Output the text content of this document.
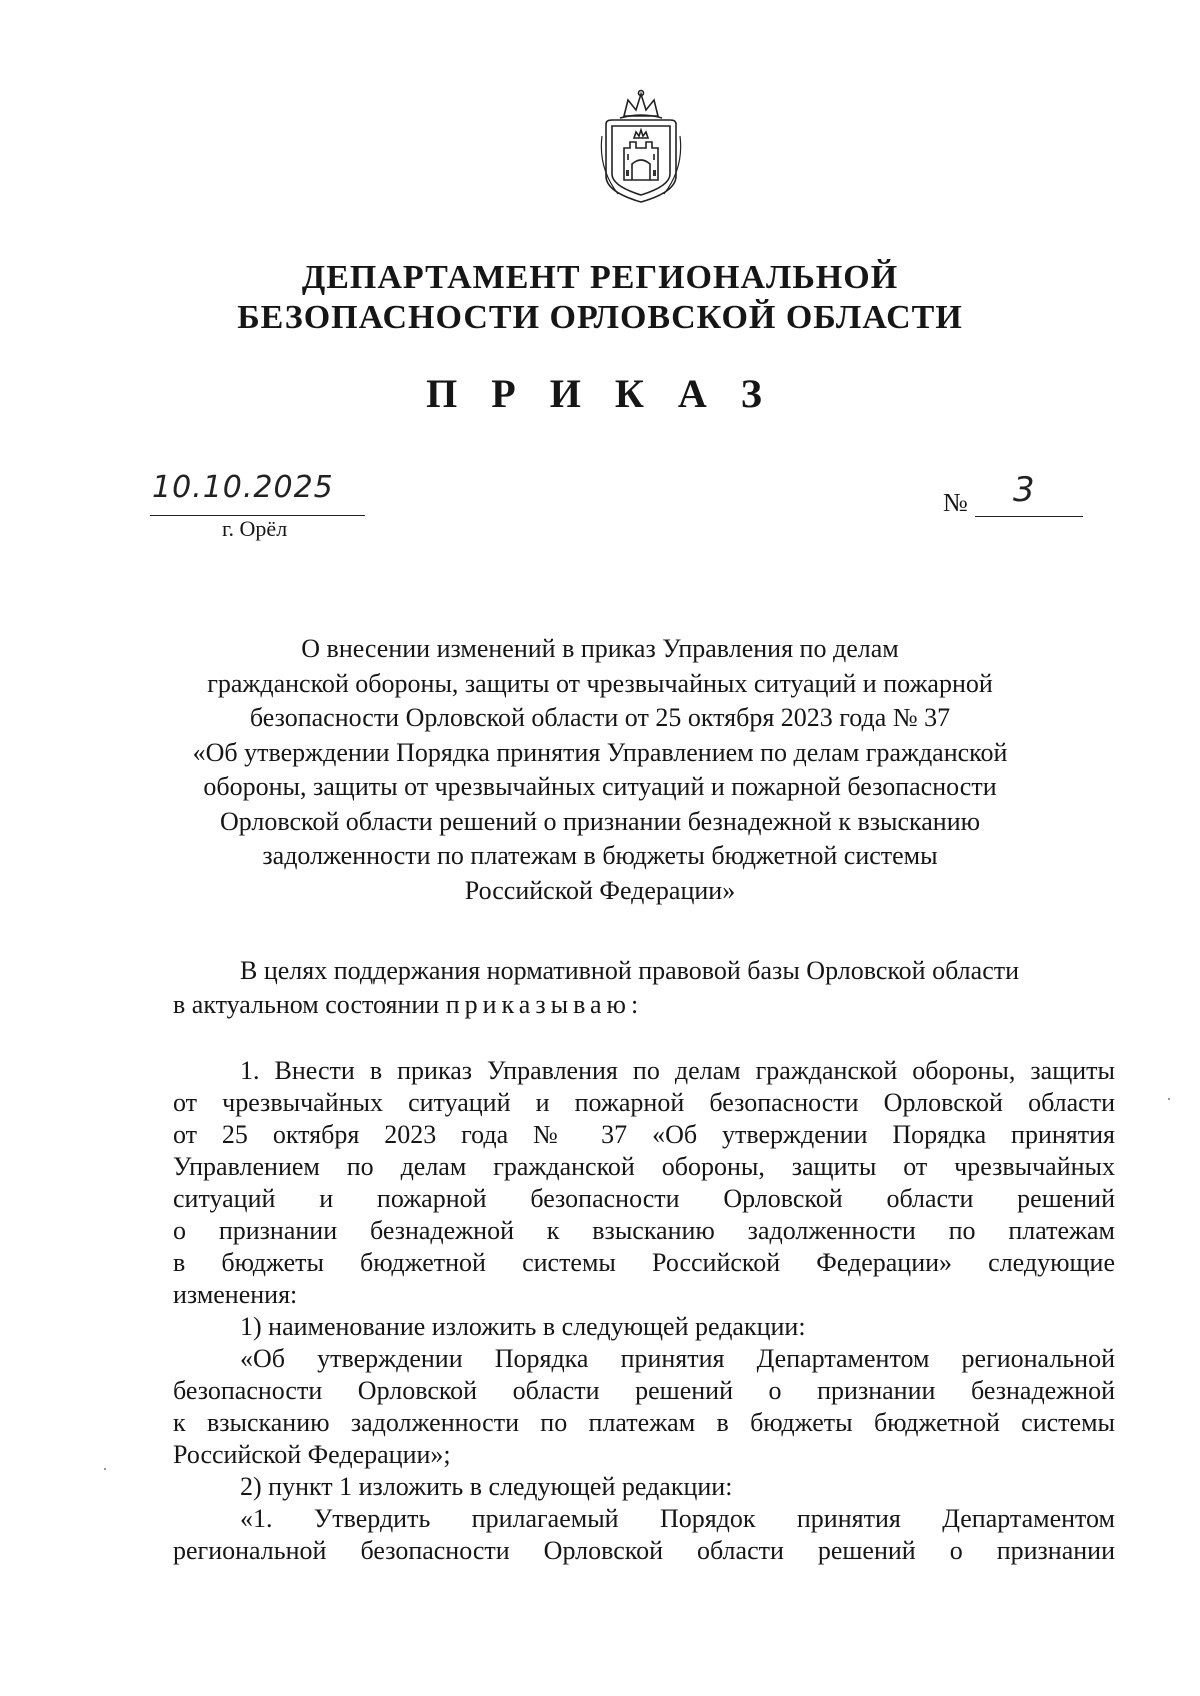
ДЕПАРТАМЕНТ РЕГИОНАЛЬНОЙ
БЕЗОПАСНОСТИ ОРЛОВСКОЙ ОБЛАСТИ
П Р И К А З
10.10.2025
г. Орёл
№ 3
О внесении изменений в приказ Управления по делам
гражданской обороны, защиты от чрезвычайных ситуаций и пожарной
безопасности Орловской области от 25 октября 2023 года № 37
«Об утверждении Порядка принятия Управлением по делам гражданской
обороны, защиты от чрезвычайных ситуаций и пожарной безопасности
Орловской области решений о признании безнадежной к взысканию
задолженности по платежам в бюджеты бюджетной системы
Российской Федерации»
В целях поддержания нормативной правовой базы Орловской области
в актуальном состоянии приказываю:
1. Внести в приказ Управления по делам гражданской обороны, защиты
от чрезвычайных ситуаций и пожарной безопасности Орловской области
от 25 октября 2023 года № 37 «Об утверждении Порядка принятия
Управлением по делам гражданской обороны, защиты от чрезвычайных
ситуаций и пожарной безопасности Орловской области решений
о признании безнадежной к взысканию задолженности по платежам
в бюджеты бюджетной системы Российской Федерации» следующие
изменения:
1) наименование изложить в следующей редакции:
«Об утверждении Порядка принятия Департаментом региональной
безопасности Орловской области решений о признании безнадежной
к взысканию задолженности по платежам в бюджеты бюджетной системы
Российской Федерации»;
2) пункт 1 изложить в следующей редакции:
«1. Утвердить прилагаемый Порядок принятия Департаментом
региональной безопасности Орловской области решений о признании
